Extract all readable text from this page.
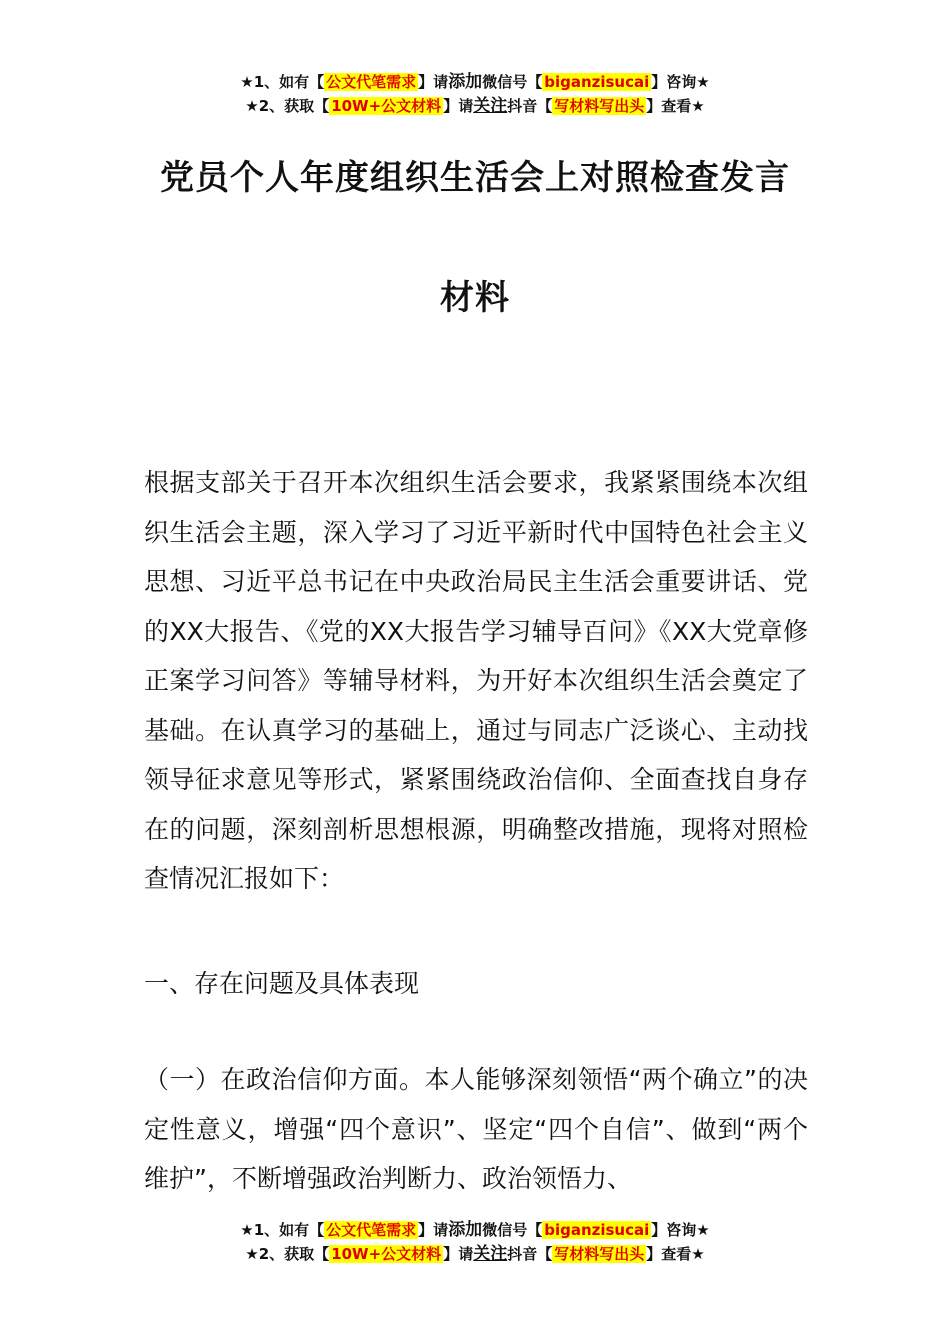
★1、如有【 公文代笔需求 】请添加微信号【 biganzisucai 】咨询★
★2、获取【 10W+公文材料 】请关注抖音【 写材料写出头 】查看★
党员个人年度组织生活会上对照检查发言
材料

根据支部关于召开本次组织生活会要求，我紧紧围绕本次组织生活会主题，深入学习了习近平新时代中国特色社会主义思想、习近平总书记在中央政治局民主生活会重要讲话、党的XX大报告、《党的XX大报告学习辅导百问》《XX大党章修正案学习问答》等辅导材料，为开好本次组织生活会奠定了基础。在认真学习的基础上，通过与同志广泛谈心、主动找领导征求意见等形式，紧紧围绕政治信仰、全面查找自身存在的问题，深刻剖析思想根源，明确整改措施，现将对照检查情况汇报如下：

一、存在问题及具体表现

（一）在政治信仰方面。本人能够深刻领悟“两个确立”的决定性意义，增强“四个意识”、坚定“四个自信”、做到“两个维护”，不断增强政治判断力、政治领悟力、

★1、如有【 公文代笔需求 】请添加微信号【 biganzisucai 】咨询★
★2、获取【 10W+公文材料 】请关注抖音【 写材料写出头 】查看★
